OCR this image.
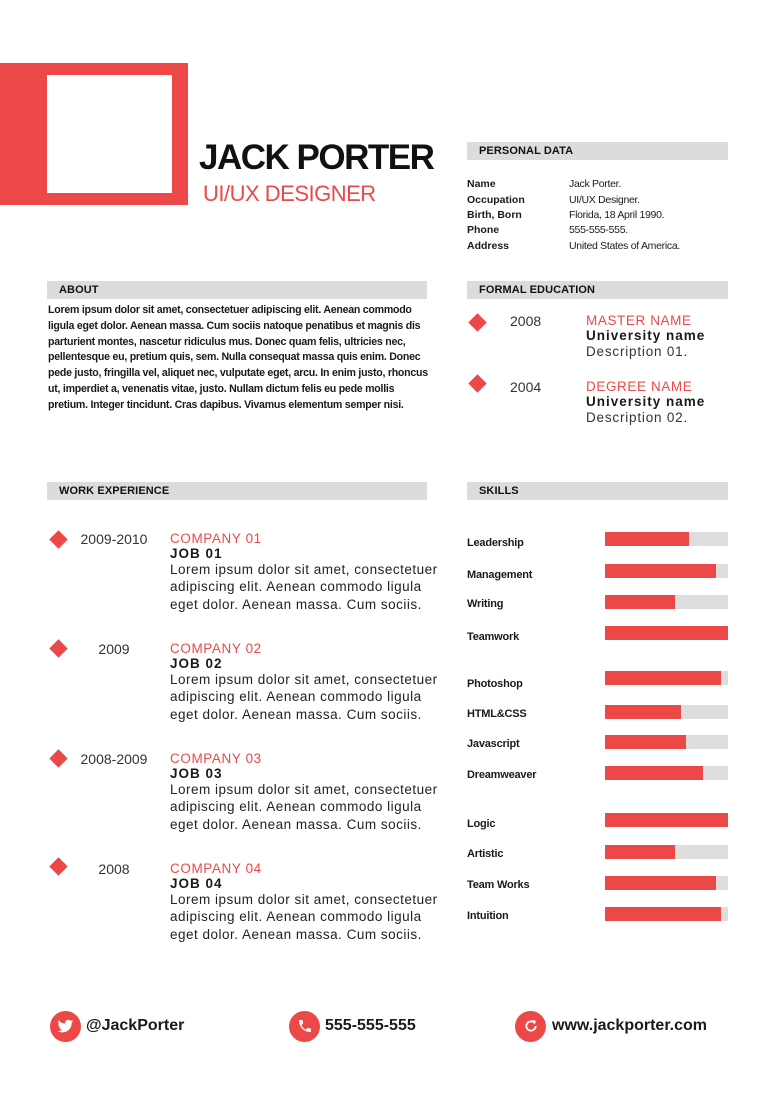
JACK PORTER
UI/UX DESIGNER
PERSONAL DATA
Name	Jack Porter.
Occupation	UI/UX Designer.
Birth, Born	Florida, 18 April 1990.
Phone	555-555-555.
Address	United States of America.
ABOUT
Lorem ipsum dolor sit amet, consectetuer adipiscing elit. Aenean commodo ligula eget dolor. Aenean massa. Cum sociis natoque penatibus et magnis dis parturient montes, nascetur ridiculus mus. Donec quam felis, ultricies nec, pellentesque eu, pretium quis, sem. Nulla consequat massa quis enim. Donec pede justo, fringilla vel, aliquet nec, vulputate eget, arcu. In enim justo, rhoncus ut, imperdiet a, venenatis vitae, justo. Nullam dictum felis eu pede mollis pretium. Integer tincidunt. Cras dapibus. Vivamus elementum semper nisi.
FORMAL EDUCATION
2008	MASTER NAME
University name
Description 01.
2004	DEGREE NAME
University name
Description 02.
WORK EXPERIENCE
2009-2010	COMPANY 01
JOB 01
Lorem ipsum dolor sit amet, consectetuer adipiscing elit. Aenean commodo ligula eget dolor. Aenean massa. Cum sociis.
2009	COMPANY 02
JOB 02
Lorem ipsum dolor sit amet, consectetuer adipiscing elit. Aenean commodo ligula eget dolor. Aenean massa. Cum sociis.
2008-2009	COMPANY 03
JOB 03
Lorem ipsum dolor sit amet, consectetuer adipiscing elit. Aenean commodo ligula eget dolor. Aenean massa. Cum sociis.
2008	COMPANY 04
JOB 04
Lorem ipsum dolor sit amet, consectetuer adipiscing elit. Aenean commodo ligula eget dolor. Aenean massa. Cum sociis.
SKILLS
Leadership
Management
Writing
Teamwork
Photoshop
HTML&CSS
Javascript
Dreamweaver
Logic
Artistic
Team Works
Intuition
@JackPorter	555-555-555	www.jackporter.com
